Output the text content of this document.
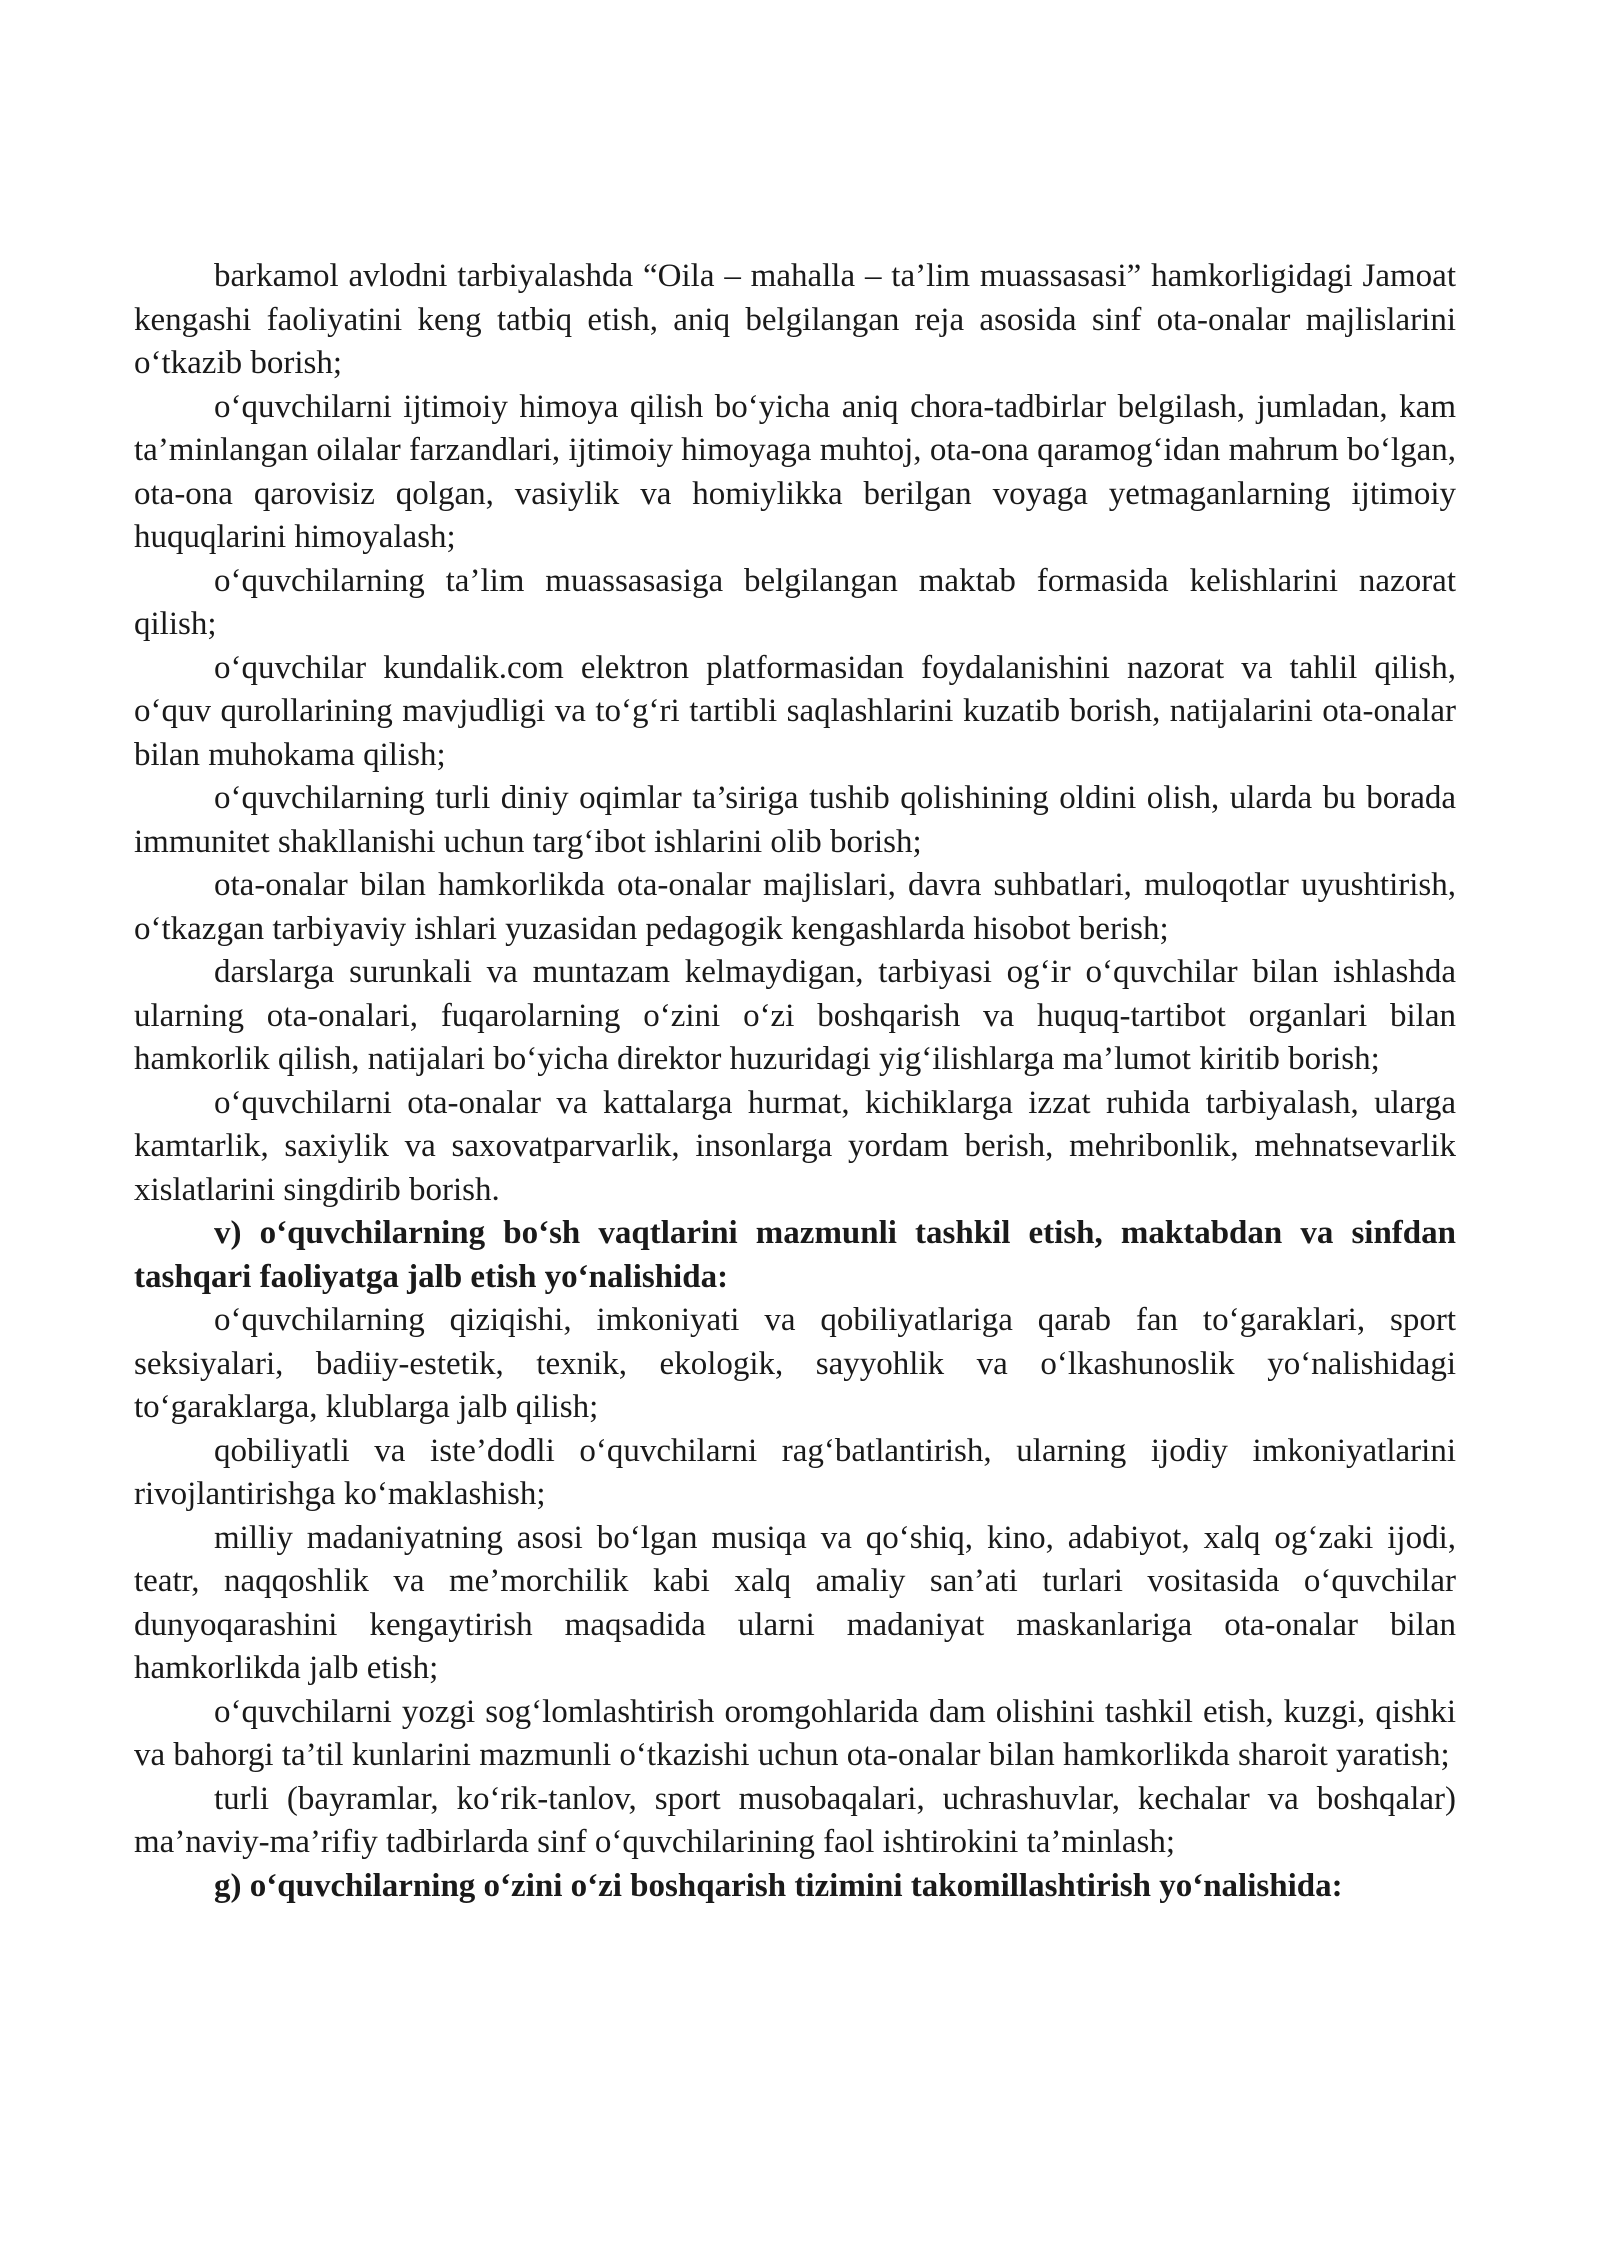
barkamol avlodni tarbiyalashda “Oila – mahalla – ta’lim muassasasi” hamkorligidagi Jamoat kengashi faoliyatini keng tatbiq etish, aniq belgilangan reja asosida sinf ota-onalar majlislarini o‘tkazib borish;

o‘quvchilarni ijtimoiy himoya qilish bo‘yicha aniq chora-tadbirlar belgilash, jumladan, kam ta’minlangan oilalar farzandlari, ijtimoiy himoyaga muhtoj, ota-ona qaramog‘idan mahrum bo‘lgan, ota-ona qarovisiz qolgan, vasiylik va homiylikka berilgan voyaga yetmaganlarning ijtimoiy huquqlarini himoyalash;

o‘quvchilarning ta’lim muassasasiga belgilangan maktab formasida kelishlarini nazorat qilish;

o‘quvchilar kundalik.com elektron platformasidan foydalanishini nazorat va tahlil qilish, o‘quv qurollarining mavjudligi va to‘g‘ri tartibli saqlashlarini kuzatib borish, natijalarini ota-onalar bilan muhokama qilish;

o‘quvchilarning turli diniy oqimlar ta’siriga tushib qolishining oldini olish, ularda bu borada immunitet shakllanishi uchun targ‘ibot ishlarini olib borish;

ota-onalar bilan hamkorlikda ota-onalar majlislari, davra suhbatlari, muloqotlar uyushtirish, o‘tkazgan tarbiyaviy ishlari yuzasidan pedagogik kengashlarda hisobot berish;

darslarga surunkali va muntazam kelmaydigan, tarbiyasi og‘ir o‘quvchilar bilan ishlashda ularning ota-onalari, fuqarolarning o‘zini o‘zi boshqarish va huquq-tartibot organlari bilan hamkorlik qilish, natijalari bo‘yicha direktor huzuridagi yig‘ilishlarga ma’lumot kiritib borish;

o‘quvchilarni ota-onalar va kattalarga hurmat, kichiklarga izzat ruhida tarbiyalash, ularga kamtarlik, saxiylik va saxovatparvarlik, insonlarga yordam berish, mehribonlik, mehnatsevarlik xislatlarini singdirib borish.

v) o‘quvchilarning bo‘sh vaqtlarini mazmunli tashkil etish, maktabdan va sinfdan tashqari faoliyatga jalb etish yo‘nalishida:

o‘quvchilarning qiziqishi, imkoniyati va qobiliyatlariga qarab fan to‘garaklari, sport seksiyalari, badiiy-estetik, texnik, ekologik, sayyohlik va o‘lkashunoslik yo‘nalishidagi to‘garaklarga, klublarga jalb qilish;

qobiliyatli va iste’dodli o‘quvchilarni rag‘batlantirish, ularning ijodiy imkoniyatlarini rivojlantirishga ko‘maklashish;

milliy madaniyatning asosi bo‘lgan musiqa va qo‘shiq, kino, adabiyot, xalq og‘zaki ijodi, teatr, naqqoshlik va me’morchilik kabi xalq amaliy san’ati turlari vositasida o‘quvchilar dunyoqarashini kengaytirish maqsadida ularni madaniyat maskanlariga ota-onalar bilan hamkorlikda jalb etish;

o‘quvchilarni yozgi sog‘lomlashtirish oromgohlarida dam olishini tashkil etish, kuzgi, qishki va bahorgi ta’til kunlarini mazmunli o‘tkazishi uchun ota-onalar bilan hamkorlikda sharoit yaratish;

turli (bayramlar, ko‘rik-tanlov, sport musobaqalari, uchrashuvlar, kechalar va boshqalar) ma’naviy-ma’rifiy tadbirlarda sinf o‘quvchilarining faol ishtirokini ta’minlash;

g) o‘quvchilarning o‘zini o‘zi boshqarish tizimini takomillashtirish yo‘nalishida:
